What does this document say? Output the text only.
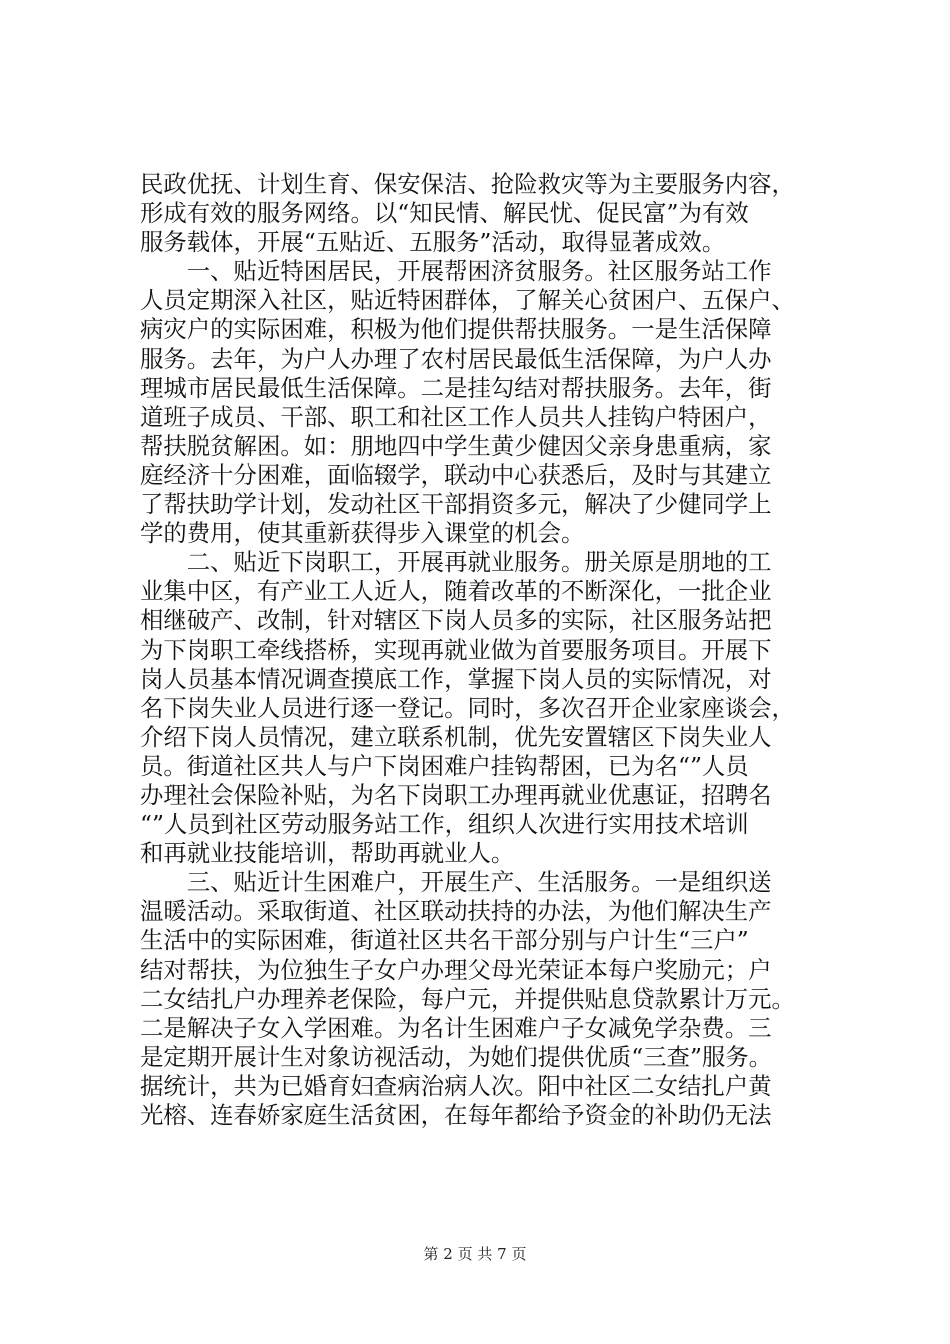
民政优抚、计划生育、保安保洁、抢险救灾等为主要服务内容，
形成有效的服务网络。以“知民情、解民忧、促民富”为有效
服务载体，开展“五贴近、五服务”活动，取得显著成效。
　　一、贴近特困居民，开展帮困济贫服务。社区服务站工作
人员定期深入社区，贴近特困群体，了解关心贫困户、五保户、
病灾户的实际困难，积极为他们提供帮扶服务。一是生活保障
服务。去年，为户人办理了农村居民最低生活保障，为户人办
理城市居民最低生活保障。二是挂勾结对帮扶服务。去年，街
道班子成员、干部、职工和社区工作人员共人挂钩户特困户，
帮扶脱贫解困。如：朋地四中学生黄少健因父亲身患重病，家
庭经济十分困难，面临辍学，联动中心获悉后，及时与其建立
了帮扶助学计划，发动社区干部捐资多元，解决了少健同学上
学的费用，使其重新获得步入课堂的机会。
　　二、贴近下岗职工，开展再就业服务。册关原是朋地的工
业集中区，有产业工人近人，随着改革的不断深化，一批企业
相继破产、改制，针对辖区下岗人员多的实际，社区服务站把
为下岗职工牵线搭桥，实现再就业做为首要服务项目。开展下
岗人员基本情况调查摸底工作，掌握下岗人员的实际情况，对
名下岗失业人员进行逐一登记。同时，多次召开企业家座谈会，
介绍下岗人员情况，建立联系机制，优先安置辖区下岗失业人
员。街道社区共人与户下岗困难户挂钩帮困，已为名“”人员
办理社会保险补贴，为名下岗职工办理再就业优惠证，招聘名
“”人员到社区劳动服务站工作，组织人次进行实用技术培训
和再就业技能培训，帮助再就业人。
　　三、贴近计生困难户，开展生产、生活服务。一是组织送
温暖活动。采取街道、社区联动扶持的办法，为他们解决生产
生活中的实际困难，街道社区共名干部分别与户计生“三户”
结对帮扶，为位独生子女户办理父母光荣证本每户奖励元；户
二女结扎户办理养老保险，每户元，并提供贴息贷款累计万元。
二是解决子女入学困难。为名计生困难户子女减免学杂费。三
是定期开展计生对象访视活动，为她们提供优质“三查”服务。
据统计，共为已婚育妇查病治病人次。阳中社区二女结扎户黄
光榕、连春娇家庭生活贫困，在每年都给予资金的补助仍无法
第 2 页 共 7 页
